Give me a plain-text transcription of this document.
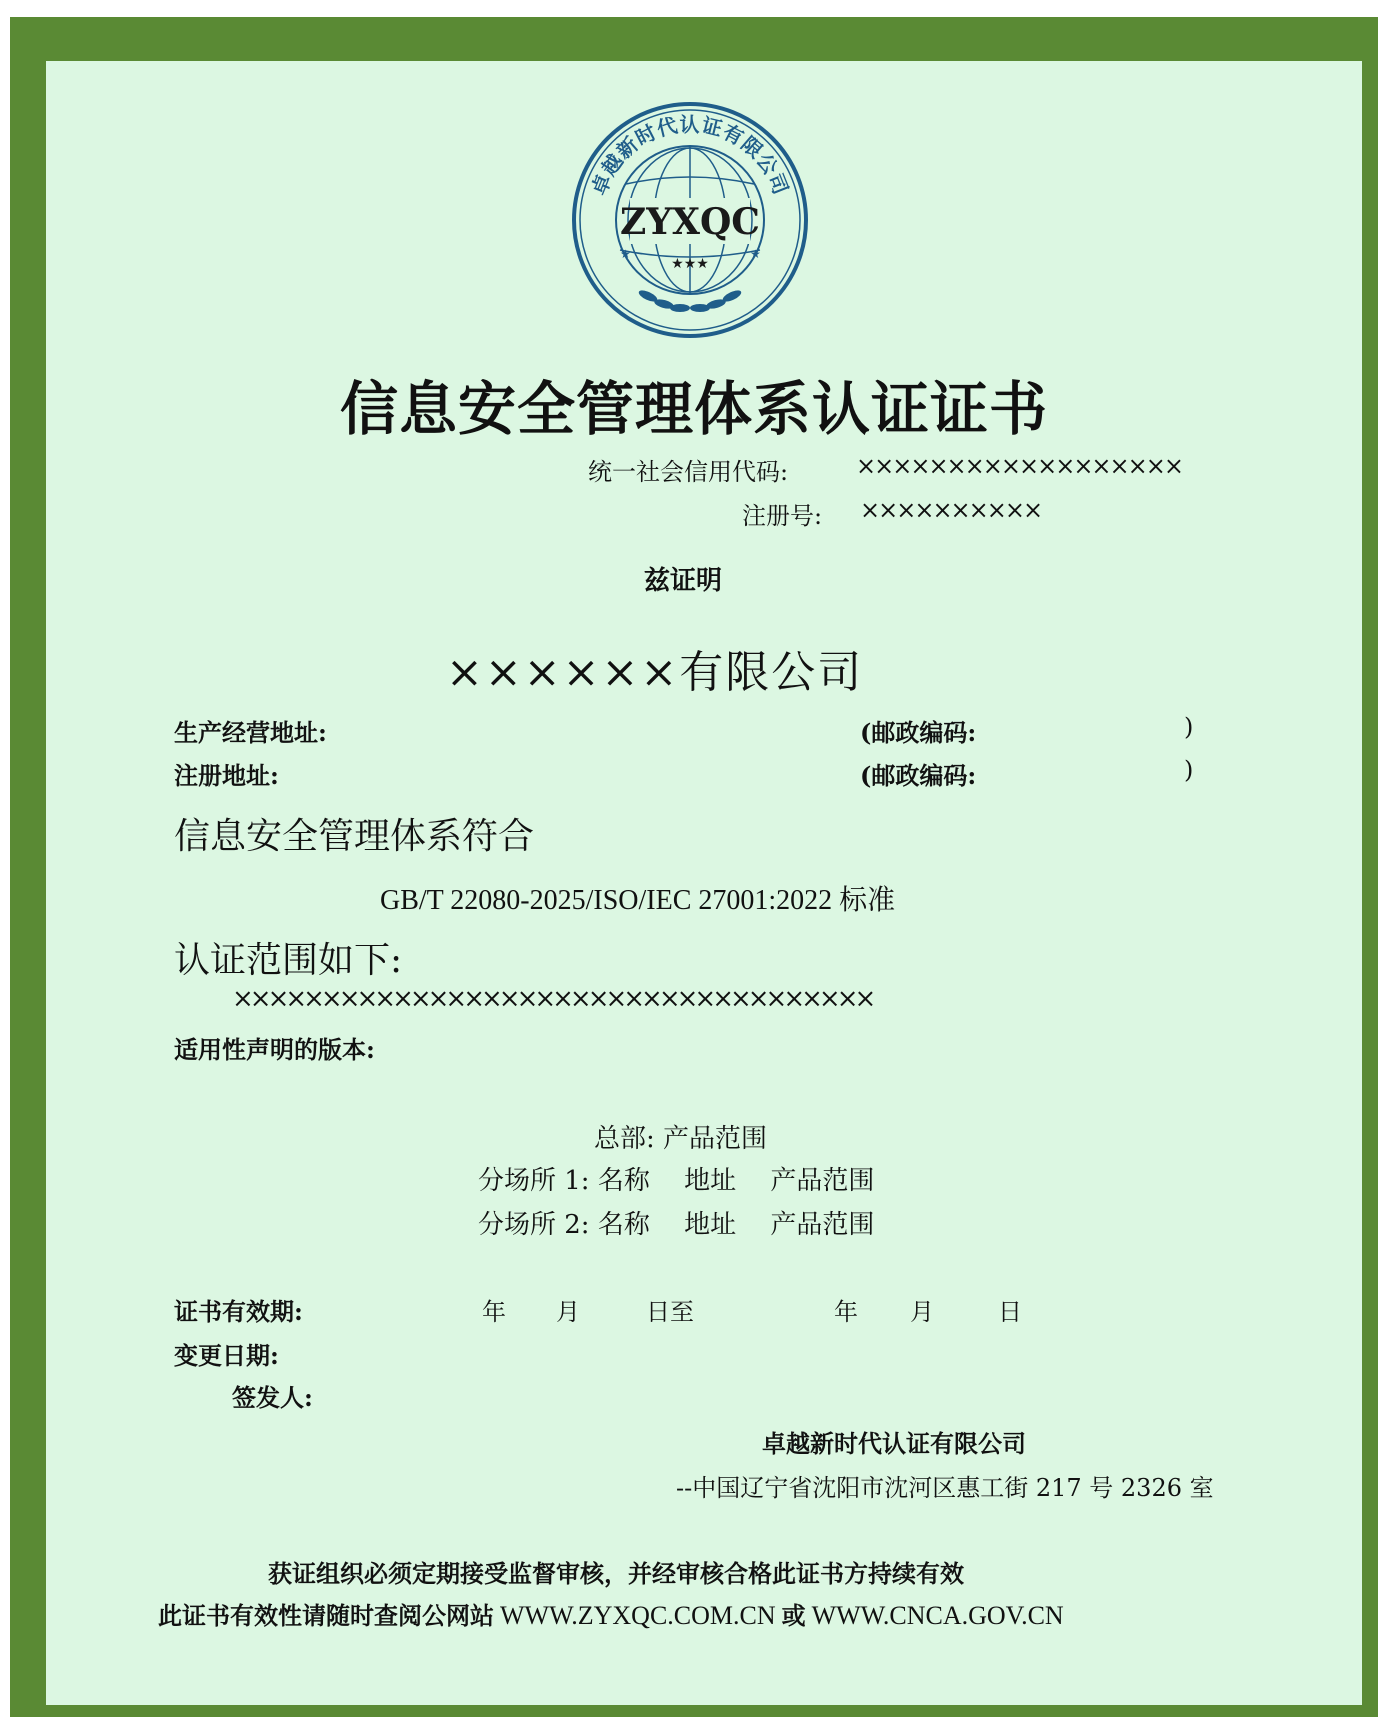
ZYXQC
★★★
卓越新时代认证有限公司
★	★
信息安全管理体系认证证书
统一社会信用代码:	××××××××××××××××××
注册号: ××××××××××
兹证明
××××××有限公司
生产经营地址:	(邮政编码:	)
注册地址:	(邮政编码:	)
信息安全管理体系符合
GB/T 22080-2025/ISO/IEC 27001:2022 标准
认证范围如下:
××××××××××××××××××××××××××××××××××××
适用性声明的版本:
总部: 产品范围
分场所 1: 名称　 地址　 产品范围
分场所 2: 名称　 地址　 产品范围
证书有效期:	年 月	日至	年 月	日
变更日期:
签发人:
卓越新时代认证有限公司
--中国辽宁省沈阳市沈河区惠工街 217 号 2326 室
获证组织必须定期接受监督审核，并经审核合格此证书方持续有效
此证书有效性请随时查阅公网站 WWW.ZYXQC.COM.CN 或 WWW.CNCA.GOV.CN
